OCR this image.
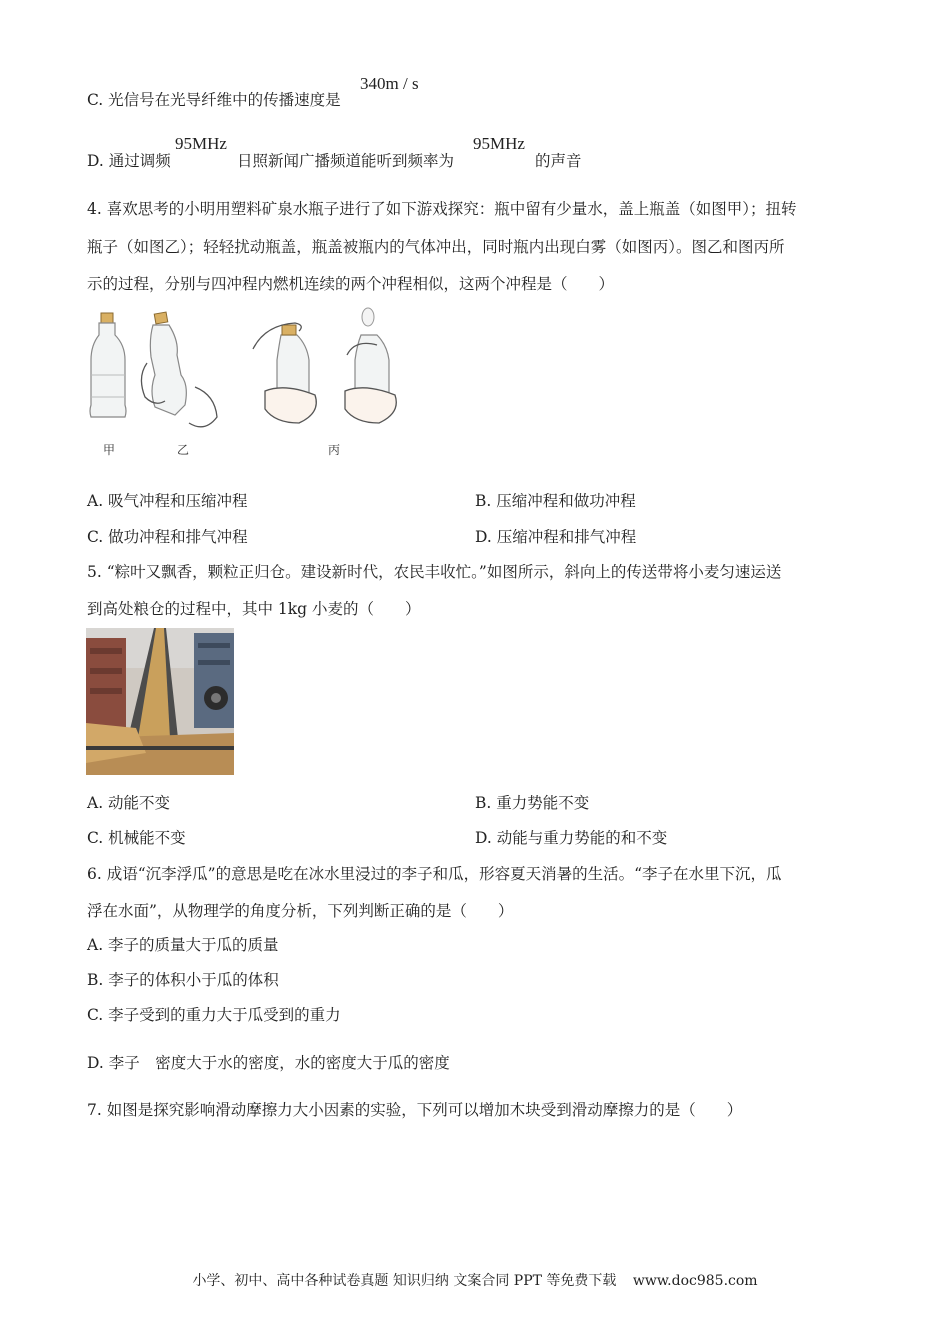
C. 光信号在光导纤维中的传播速度是
340m / s
D. 通过调频
95MHz
日照新闻广播频道能听到频率为
95MHz
的声音
4. 喜欢思考的小明用塑料矿泉水瓶子进行了如下游戏探究：瓶中留有少量水，盖上瓶盖（如图甲）；扭转
瓶子（如图乙）；轻轻扰动瓶盖，瓶盖被瓶内的气体冲出，同时瓶内出现白雾（如图丙）。图乙和图丙所
示的过程，分别与四冲程内燃机连续的两个冲程相似，这两个冲程是（　　）
甲	乙	丙
A. 吸气冲程和压缩冲程	B. 压缩冲程和做功冲程
C. 做功冲程和排气冲程	D. 压缩冲程和排气冲程
5. “粽叶又飘香，颗粒正归仓。建设新时代，农民丰收忙。”如图所示，斜向上的传送带将小麦匀速运送
到高处粮仓的过程中，其中 1kg 小麦的（　　）
A. 动能不变	B. 重力势能不变
C. 机械能不变	D. 动能与重力势能的和不变
6. 成语“沉李浮瓜”的意思是吃在冰水里浸过的李子和瓜，形容夏天消暑的生活。“李子在水里下沉，瓜
浮在水面”，从物理学的角度分析，下列判断正确的是（　　）
A. 李子的质量大于瓜的质量
B. 李子的体积小于瓜的体积
C. 李子受到的重力大于瓜受到的重力
D. 李子　密度大于水的密度，水的密度大于瓜的密度
7. 如图是探究影响滑动摩擦力大小因素的实验，下列可以增加木块受到滑动摩擦力的是（　　）
小学、初中、高中各种试卷真题 知识归纳 文案合同 PPT 等免费下载 www.doc985.com
